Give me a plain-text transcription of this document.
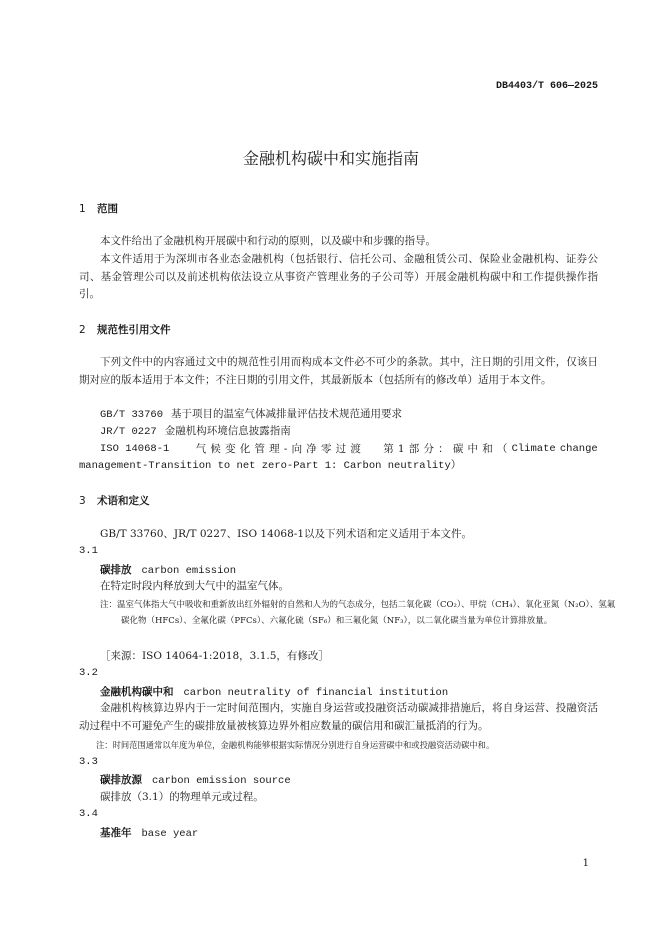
DB4403/T 606—2025
金融机构碳中和实施指南
1 范围
本文件给出了金融机构开展碳中和行动的原则，以及碳中和步骤的指导。
本文件适用于为深圳市各业态金融机构（包括银行、信托公司、金融租赁公司、保险业金融机构、证券公司、基金管理公司以及前述机构依法设立从事资产管理业务的子公司等）开展金融机构碳中和工作提供操作指引。
2 规范性引用文件
下列文件中的内容通过文中的规范性引用而构成本文件必不可少的条款。其中，注日期的引用文件，仅该日期对应的版本适用于本文件；不注日期的引用文件，其最新版本（包括所有的修改单）适用于本文件。
GB/T 33760 基于项目的温室气体减排量评估技术规范通用要求
JR/T 0227 金融机构环境信息披露指南
ISO 14068-1	气 候 变 化 管 理 - 向 净 零 过 渡 第 1 部 分 ： 碳 中 和 （ Climate change
management-Transition to net zero-Part 1: Carbon neutrality）
3 术语和定义
GB/T 33760、JR/T 0227、ISO 14068-1以及下列术语和定义适用于本文件。
3.1
碳排放 carbon emission
在特定时段内释放到大气中的温室气体。
注：温室气体指大气中吸收和重新放出红外辐射的自然和人为的气态成分，包括二氧化碳（CO₂）、甲烷（CH₄）、氧化亚氮（N₂O）、氢氟碳化物（HFCs）、全氟化碳（PFCs）、六氟化硫（SF₆）和三氟化氮（NF₃），以二氧化碳当量为单位计算排放量。
［来源：ISO 14064-1:2018，3.1.5，有修改］
3.2
金融机构碳中和 carbon neutrality of financial institution
金融机构核算边界内于一定时间范围内，实施自身运营或投融资活动碳减排措施后，将自身运营、投融资活动过程中不可避免产生的碳排放量被核算边界外相应数量的碳信用和碳汇量抵消的行为。
注：时间范围通常以年度为单位，金融机构能够根据实际情况分别进行自身运营碳中和或投融资活动碳中和。
3.3
碳排放源 carbon emission source
碳排放（3.1）的物理单元或过程。
3.4
基准年 base year
1
